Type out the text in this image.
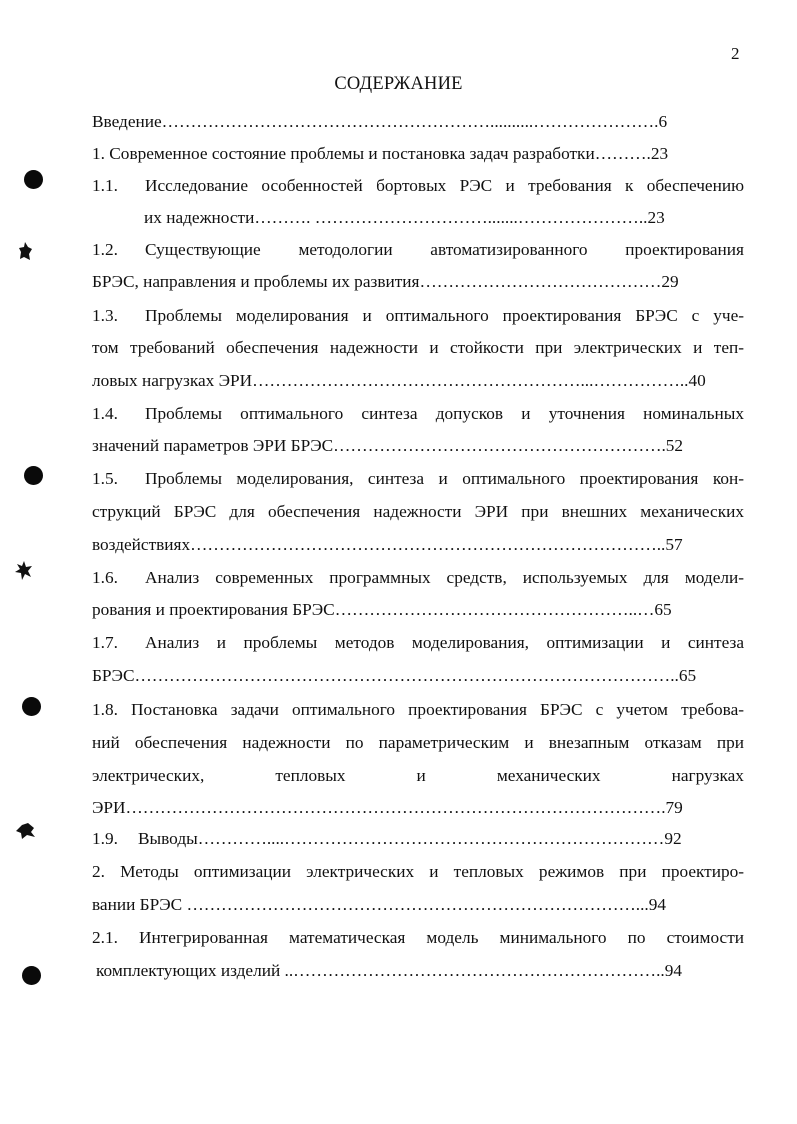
2
СОДЕРЖАНИЕ
Введение…………………………………………………..........………………….6
1. Современное состояние проблемы и постановка задач разработки……….23
1.1. Исследование особенностей бортовых РЭС и требования к обеспечению
их надежности………. ………………………….......…………………..23
1.2. Существующие методологии автоматизированного проектирования
БРЭС, направления и проблемы их развития……………………………………29
1.3. Проблемы моделирования и оптимального проектирования БРЭС с уче-
том требований обеспечения надежности и стойкости при электрических и теп-
ловых нагрузках ЭРИ…………………………………………………...……………..40
1.4. Проблемы оптимального синтеза допусков и уточнения номинальных
значений параметров ЭРИ БРЭС………………………………………………….52
1.5. Проблемы моделирования, синтеза и оптимального проектирования кон-
струкций БРЭС для обеспечения надежности ЭРИ при внешних механических
воздействиях………………………………………………………………………..57
1.6. Анализ современных программных средств, используемых для модели-
рования и проектирования БРЭС……………………………………………..…65
1.7. Анализ и проблемы методов моделирования, оптимизации и синтеза
БРЭС…………………………………………………………………………………..65
1.8. Постановка задачи оптимального проектирования БРЭС с учетом требова-
ний обеспечения надежности по параметрическим и внезапным отказам при
электрических,	тепловых	и	механических	нагрузках
ЭРИ………………………………………………………………………………….79
1.9. Выводы…………....…………………………………………………………92
2. Методы оптимизации электрических и тепловых режимов при проектиро-
вании БРЭС ……………………………………………………………………...94
2.1. Интегрированная математическая модель минимального по стоимости
комплектующих изделий ..………………………………………………………..94
